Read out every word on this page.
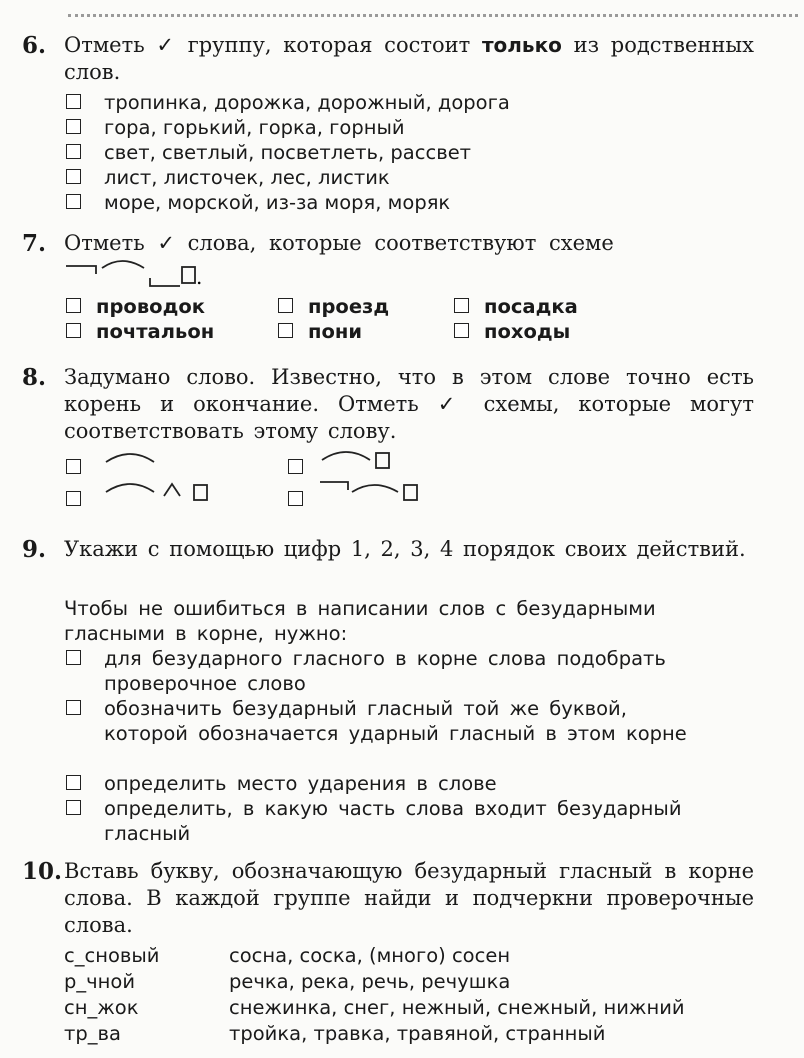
6. Отметь ✓ группу, которая состоит только из родственных слов.
тропинка, дорожка, дорожный, дорога
гора, горький, горка, горный
свет, светлый, посветлеть, рассвет
лист, листочек, лес, листик
море, морской, из-за моря, моряк
7. Отметь ✓ слова, которые соответствуют схеме
.
проводок	проезд	посадка
почтальон	пони	походы
8. Задумано слово. Известно, что в этом слове точно есть корень и окончание. Отметь ✓ схемы, которые могут соответствовать этому слову.
9. Укажи с помощью цифр 1, 2, 3, 4 порядок своих действий.
Чтобы не ошибиться в написании слов с безударными гласными в корне, нужно:
для безударного гласного в корне слова подобрать проверочное слово
обозначить безударный гласный той же буквой, которой обозначается ударный гласный в этом корне
определить место ударения в слове
определить, в какую часть слова входит безударный гласный
10. Вставь букву, обозначающую безударный гласный в корне слова. В каждой группе найди и подчеркни проверочные слова.
с_сновый	сосна, соска, (много) сосен
р_чной	речка, река, речь, речушка
сн_жок	снежинка, снег, нежный, снежный, нижний
тр_ва	тройка, травка, травяной, странный
